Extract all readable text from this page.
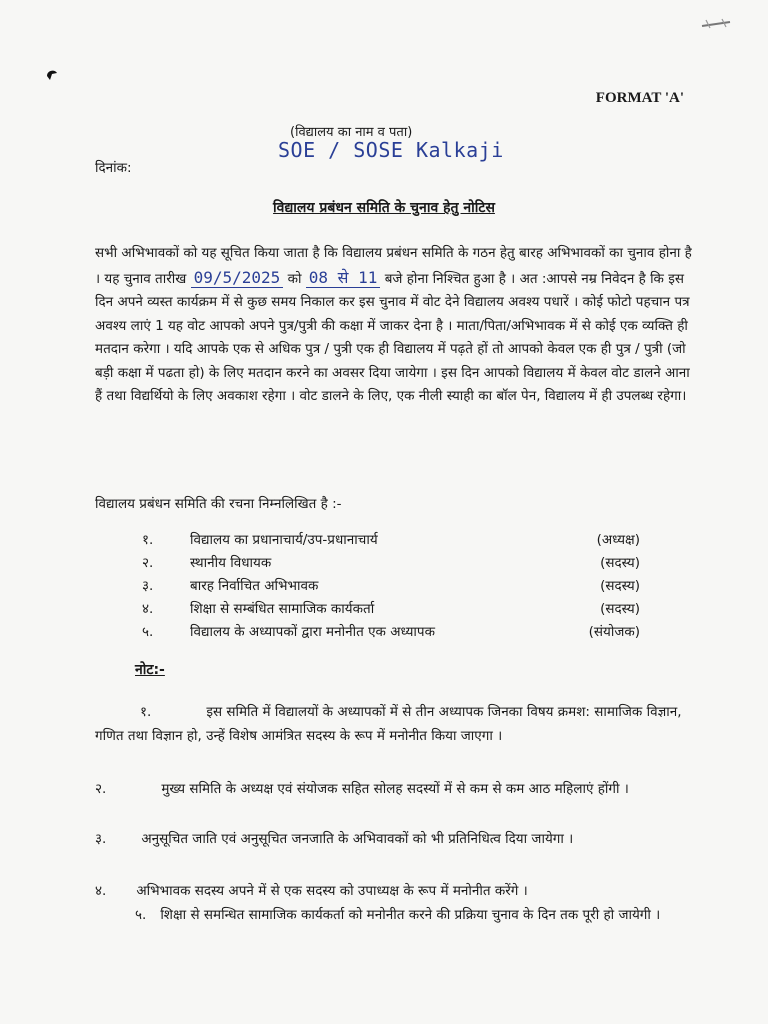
FORMAT 'A'
(विद्यालय का नाम व पता)
SOE / SOSE Kalkaji
दिनांक:
विद्यालय प्रबंधन समिति के चुनाव हेतु नोटिस
सभी अभिभावकों को यह सूचित किया जाता है कि विद्यालय प्रबंधन समिति के गठन हेतु बारह अभिभावकों का चुनाव होना है । यह चुनाव तारीख 09/5/2025 को 08 से 11 बजे होना निश्चित हुआ है । अत :आपसे नम्र निवेदन है कि इस दिन अपने व्यस्त कार्यक्रम में से कुछ समय निकाल कर इस चुनाव में वोट देने विद्यालय अवश्य पधारें । कोई फोटो पहचान पत्र अवश्य लाएं 1 यह वोट आपको अपने पुत्र/पुत्री की कक्षा में जाकर देना है । माता/पिता/अभिभावक में से कोई एक व्यक्ति ही मतदान करेगा । यदि आपके एक से अधिक पुत्र / पुत्री एक ही विद्यालय में पढ़ते हों तो आपको केवल एक ही पुत्र / पुत्री (जो बड़ी कक्षा में पढता हो) के लिए मतदान करने का अवसर दिया जायेगा । इस दिन आपको विद्यालय में केवल वोट डालने आना हैं तथा विद्यर्थियो के लिए अवकाश रहेगा । वोट डालने के लिए, एक नीली स्याही का बॉल पेन, विद्यालय में ही उपलब्ध रहेगा।
विद्यालय प्रबंधन समिति की रचना निम्नलिखित है :-
१.	विद्यालय का प्रधानाचार्य/उप-प्रधानाचार्य	(अध्यक्ष)
२.	स्थानीय विधायक	(सदस्य)
३.	बारह निर्वाचित अभिभावक	(सदस्य)
४.	शिक्षा से सम्बंधित सामाजिक कार्यकर्ता	(सदस्य)
५.	विद्यालय के अध्यापकों द्वारा मनोनीत एक अध्यापक	(संयोजक)
नोट:-
१.	इस समिति में विद्यालयों के अध्यापकों में से तीन अध्यापक जिनका विषय क्रमश: सामाजिक विज्ञान, गणित तथा विज्ञान हो, उन्हें विशेष आमंत्रित सदस्य के रूप में मनोनीत किया जाएगा ।
२.	मुख्य समिति के अध्यक्ष एवं संयोजक सहित सोलह सदस्यों में से कम से कम आठ महिलाएं होंगी ।
३.	अनुसूचित जाति एवं अनुसूचित जनजाति के अभिवावकों को भी प्रतिनिधित्व दिया जायेगा ।
४. अभिभावक सदस्य अपने में से एक सदस्य को उपाध्यक्ष के रूप में मनोनीत करेंगे ।
५. शिक्षा से समन्धित सामाजिक कार्यकर्ता को मनोनीत करने की प्रक्रिया चुनाव के दिन तक पूरी हो जायेगी ।
